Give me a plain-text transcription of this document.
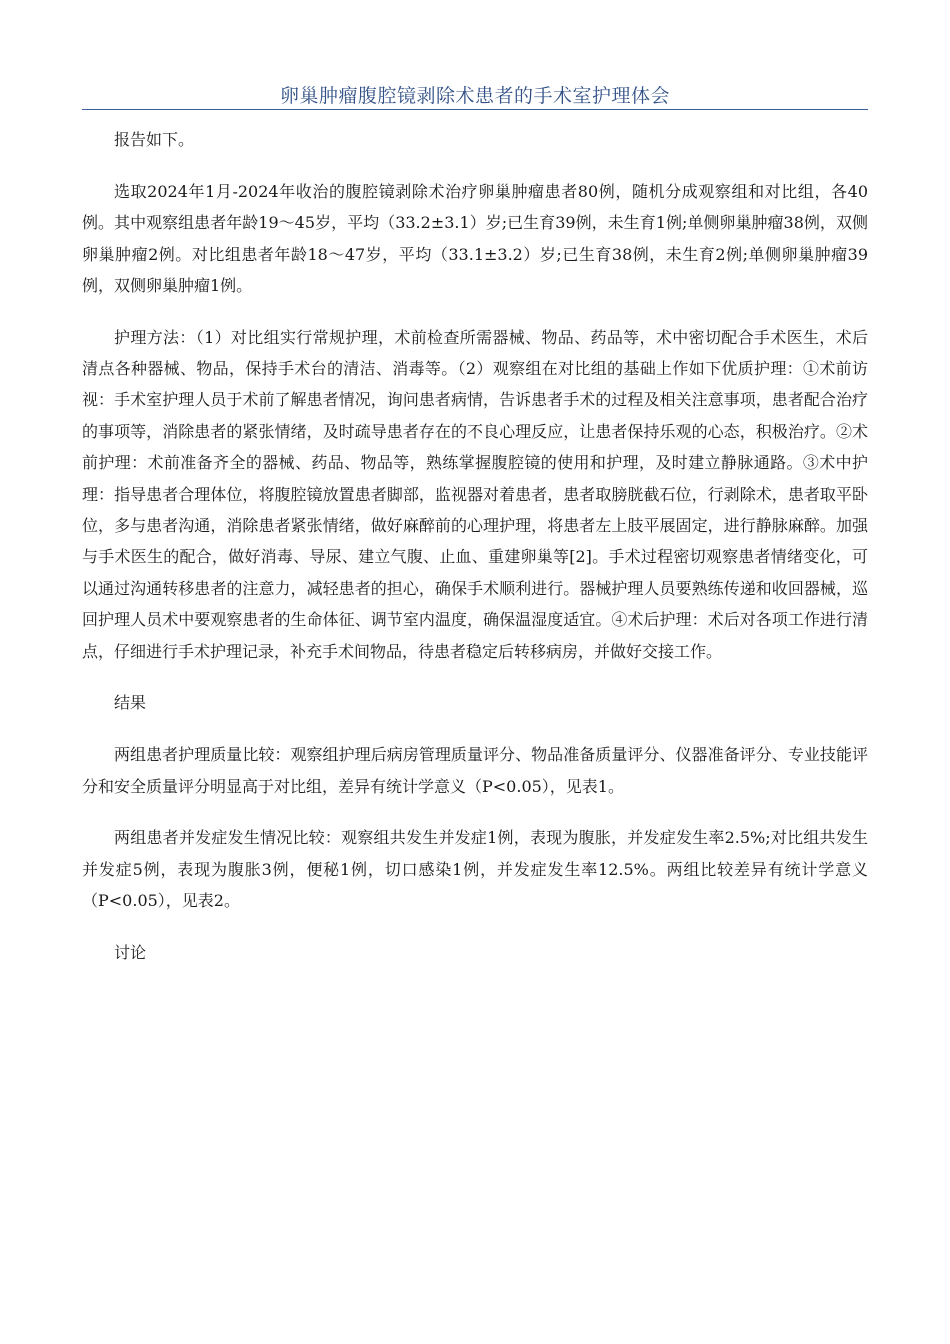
卵巢肿瘤腹腔镜剥除术患者的手术室护理体会

报告如下。

选取2024年1月-2024年收治的腹腔镜剥除术治疗卵巢肿瘤患者80例，随机分成观察组和对比组，各40例。其中观察组患者年龄19～45岁，平均（33.2±3.1）岁;已生育39例，未生育1例;单侧卵巢肿瘤38例，双侧卵巢肿瘤2例。对比组患者年龄18～47岁，平均（33.1±3.2）岁;已生育38例，未生育2例;单侧卵巢肿瘤39例，双侧卵巢肿瘤1例。

护理方法：（1）对比组实行常规护理，术前检查所需器械、物品、药品等，术中密切配合手术医生，术后清点各种器械、物品，保持手术台的清洁、消毒等。（2）观察组在对比组的基础上作如下优质护理：①术前访视：手术室护理人员于术前了解患者情况，询问患者病情，告诉患者手术的过程及相关注意事项，患者配合治疗的事项等，消除患者的紧张情绪，及时疏导患者存在的不良心理反应，让患者保持乐观的心态，积极治疗。②术前护理：术前准备齐全的器械、药品、物品等，熟练掌握腹腔镜的使用和护理，及时建立静脉通路。③术中护理：指导患者合理体位，将腹腔镜放置患者脚部，监视器对着患者，患者取膀胱截石位，行剥除术，患者取平卧位，多与患者沟通，消除患者紧张情绪，做好麻醉前的心理护理，将患者左上肢平展固定，进行静脉麻醉。加强与手术医生的配合，做好消毒、导尿、建立气腹、止血、重建卵巢等[2]。手术过程密切观察患者情绪变化，可以通过沟通转移患者的注意力，减轻患者的担心，确保手术顺利进行。器械护理人员要熟练传递和收回器械，巡回护理人员术中要观察患者的生命体征、调节室内温度，确保温湿度适宜。④术后护理：术后对各项工作进行清点，仔细进行手术护理记录，补充手术间物品，待患者稳定后转移病房，并做好交接工作。

结果

两组患者护理质量比较：观察组护理后病房管理质量评分、物品准备质量评分、仪器准备评分、专业技能评分和安全质量评分明显高于对比组，差异有统计学意义（P<0.05），见表1。

两组患者并发症发生情况比较：观察组共发生并发症1例，表现为腹胀，并发症发生率2.5%;对比组共发生并发症5例，表现为腹胀3例，便秘1例，切口感染1例，并发症发生率12.5%。两组比较差异有统计学意义（P<0.05），见表2。

讨论
